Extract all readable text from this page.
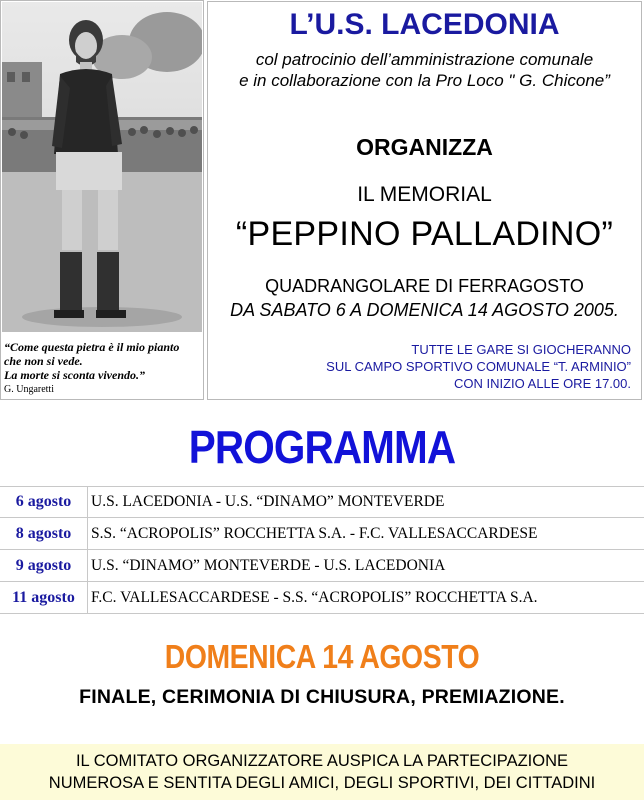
“Come questa pietra è il mio pianto
che non si vede.
La morte si sconta vivendo.”
G. Ungaretti
L’U.S. LACEDONIA
col patrocinio dell’amministrazione comunale
e in collaborazione con la Pro Loco " G. Chicone”
ORGANIZZA
IL MEMORIAL
“PEPPINO PALLADINO”
QUADRANGOLARE DI FERRAGOSTO
DA SABATO 6 A DOMENICA 14 AGOSTO 2005.
TUTTE LE GARE SI GIOCHERANNO
SUL CAMPO SPORTIVO COMUNALE “T. ARMINIO”
CON INIZIO ALLE ORE 17.00.
PROGRAMMA
6 agosto	U.S. LACEDONIA - U.S. “DINAMO” MONTEVERDE
8 agosto	S.S. “ACROPOLIS” ROCCHETTA S.A. - F.C. VALLESACCARDESE
9 agosto	U.S. “DINAMO” MONTEVERDE - U.S. LACEDONIA
11 agosto	F.C. VALLESACCARDESE - S.S. “ACROPOLIS” ROCCHETTA S.A.
DOMENICA 14 AGOSTO
FINALE, CERIMONIA DI CHIUSURA, PREMIAZIONE.
IL COMITATO ORGANIZZATORE AUSPICA LA PARTECIPAZIONE
NUMEROSA E SENTITA DEGLI AMICI, DEGLI SPORTIVI, DEI CITTADINI
